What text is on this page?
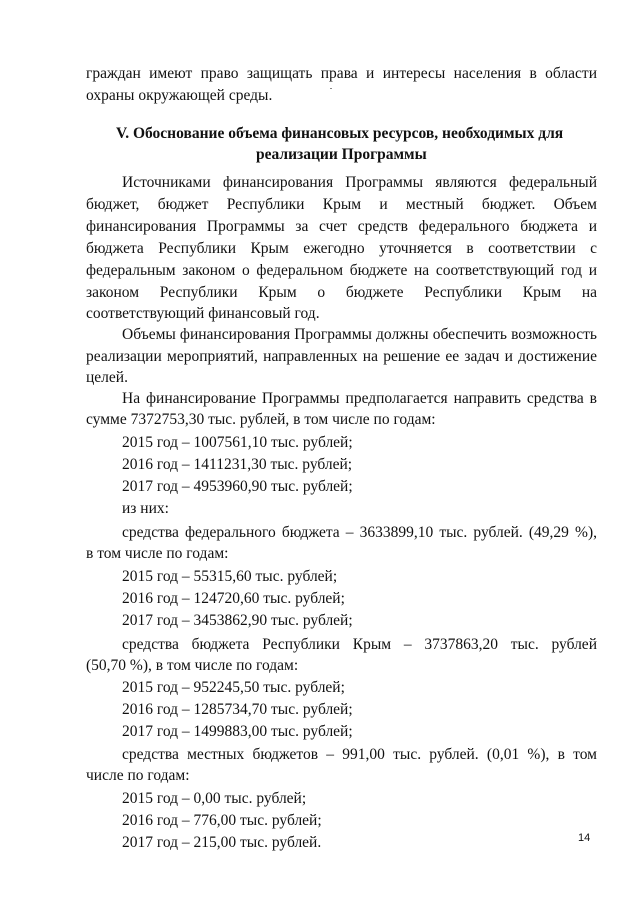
граждан имеют право защищать права и интересы населения в области
охраны окружающей среды.
V. Обоснование объема финансовых ресурсов, необходимых для
реализации Программы
Источниками финансирования Программы являются федеральный
бюджет, бюджет Республики Крым и местный бюджет. Объем
финансирования Программы за счет средств федерального бюджета и
бюджета Республики Крым ежегодно уточняется в соответствии с
федеральным законом о федеральном бюджете на соответствующий год и
законом Республики Крым о бюджете Республики Крым на
соответствующий финансовый год.
Объемы финансирования Программы должны обеспечить возможность
реализации мероприятий, направленных на решение ее задач и достижение
целей.
На финансирование Программы предполагается направить средства в
сумме 7372753,30 тыс. рублей, в том числе по годам:
2015 год – 1007561,10 тыс. рублей;
2016 год – 1411231,30 тыс. рублей;
2017 год – 4953960,90 тыс. рублей;
из них:
средства федерального бюджета – 3633899,10 тыс. рублей. (49,29 %),
в том числе по годам:
2015 год – 55315,60 тыс. рублей;
2016 год – 124720,60 тыс. рублей;
2017 год – 3453862,90 тыс. рублей;
средства бюджета Республики Крым – 3737863,20 тыс. рублей
(50,70 %), в том числе по годам:
2015 год – 952245,50 тыс. рублей;
2016 год – 1285734,70 тыс. рублей;
2017 год – 1499883,00 тыс. рублей;
средства местных бюджетов – 991,00 тыс. рублей. (0,01 %), в том
числе по годам:
2015 год – 0,00 тыс. рублей;
2016 год – 776,00 тыс. рублей;
2017 год – 215,00 тыс. рублей.	14
